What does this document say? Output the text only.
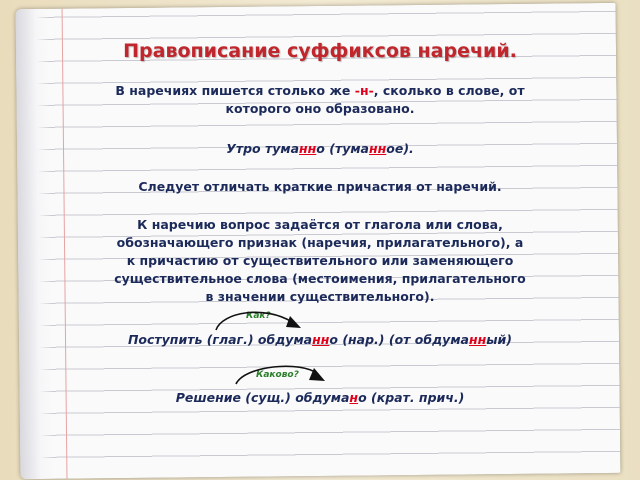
Правописание суффиксов наречий.
В наречиях пишется столько же -н-, сколько в слове, от которого оно образовано.
Утро туманно (туманное).
Следует отличать краткие причастия от наречий.
К наречию вопрос задаётся от глагола или слова, обозначающего признак (наречия, прилагательного), а к причастию от существительного или заменяющего существительное слова (местоимения, прилагательного в значении существительного).
Как?
Поступить (глаг.) обдуманно (нар.) (от обдуманный)
Каково?
Решение (сущ.) обдумано (крат. прич.)
